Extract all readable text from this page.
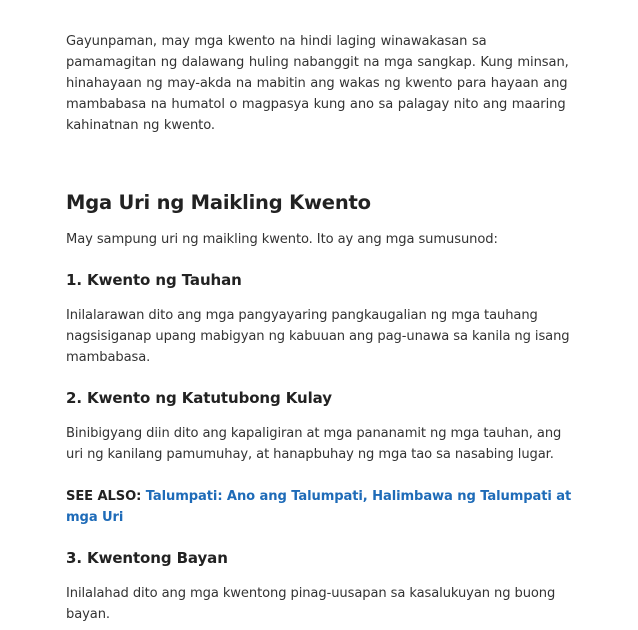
Gayunpaman, may mga kwento na hindi laging winawakasan sa pamamagitan ng dalawang huling nabanggit na mga sangkap. Kung minsan, hinahayaan ng may-akda na mabitin ang wakas ng kwento para hayaan ang mambabasa na humatol o magpasya kung ano sa palagay nito ang maaring kahinatnan ng kwento.

Mga Uri ng Maikling Kwento

May sampung uri ng maikling kwento. Ito ay ang mga sumusunod:

1. Kwento ng Tauhan

Inilalarawan dito ang mga pangyayaring pangkaugalian ng mga tauhang nagsisiganap upang mabigyan ng kabuuan ang pag-unawa sa kanila ng isang mambabasa.

2. Kwento ng Katutubong Kulay

Binibigyang diin dito ang kapaligiran at mga pananamit ng mga tauhan, ang uri ng kanilang pamumuhay, at hanapbuhay ng mga tao sa nasabing lugar.

SEE ALSO: Talumpati: Ano ang Talumpati, Halimbawa ng Talumpati at mga Uri

3. Kwentong Bayan

Inilalahad dito ang mga kwentong pinag-uusapan sa kasalukuyan ng buong bayan.
